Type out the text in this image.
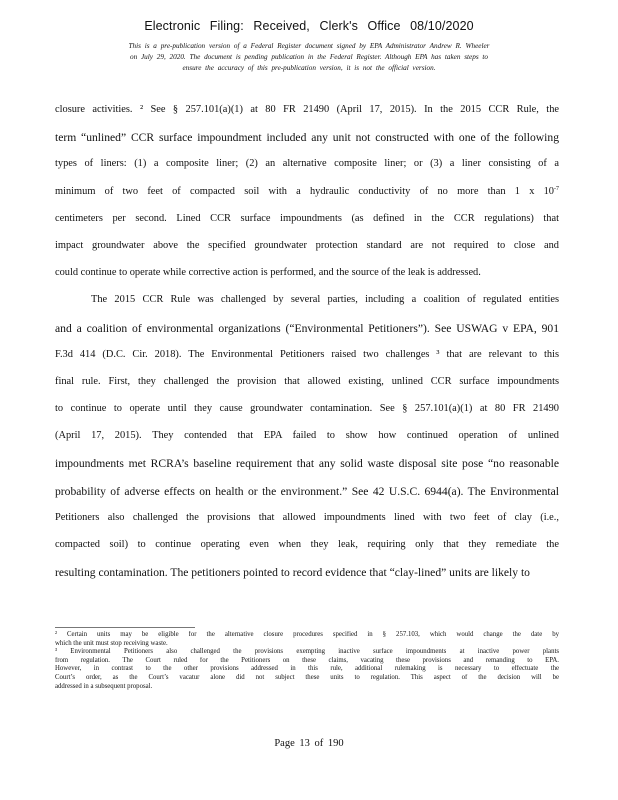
Electronic Filing: Received, Clerk's Office 08/10/2020
This is a pre-publication version of a Federal Register document signed by EPA Administrator Andrew R. Wheeler
on July 29, 2020. The document is pending publication in the Federal Register. Although EPA has taken steps to
ensure the accuracy of this pre-publication version, it is not the official version.
closure activities. ² See § 257.101(a)(1) at 80 FR 21490 (April 17, 2015). In the 2015 CCR Rule, the
term “unlined” CCR surface impoundment included any unit not constructed with one of the following
types of liners: (1) a composite liner; (2) an alternative composite liner; or (3) a liner consisting of a
minimum of two feet of compacted soil with a hydraulic conductivity of no more than 1 x $10^{-7}$
centimeters per second. Lined CCR surface impoundments (as defined in the CCR regulations) that
impact groundwater above the specified groundwater protection standard are not required to close and
could continue to operate while corrective action is performed, and the source of the leak is addressed.
The 2015 CCR Rule was challenged by several parties, including a coalition of regulated entities
and a coalition of environmental organizations (“Environmental Petitioners”). See USWAG v EPA, 901
F.3d 414 (D.C. Cir. 2018). The Environmental Petitioners raised two challenges ³ that are relevant to this
final rule. First, they challenged the provision that allowed existing, unlined CCR surface impoundments
to continue to operate until they cause groundwater contamination. See § 257.101(a)(1) at 80 FR 21490
(April 17, 2015). They contended that EPA failed to show how continued operation of unlined
impoundments met RCRA’s baseline requirement that any solid waste disposal site pose “no reasonable
probability of adverse effects on health or the environment.” See 42 U.S.C. 6944(a). The Environmental
Petitioners also challenged the provisions that allowed impoundments lined with two feet of clay (i.e.,
compacted soil) to continue operating even when they leak, requiring only that they remediate the
resulting contamination. The petitioners pointed to record evidence that “clay-lined” units are likely to
² Certain units may be eligible for the alternative closure procedures specified in § 257.103, which would change the date by
which the unit must stop receiving waste.
³ Environmental Petitioners also challenged the provisions exempting inactive surface impoundments at inactive power plants
from regulation. The Court ruled for the Petitioners on these claims, vacating these provisions and remanding to EPA.
However, in contrast to the other provisions addressed in this rule, additional rulemaking is necessary to effectuate the
Court’s order, as the Court’s vacatur alone did not subject these units to regulation. This aspect of the decision will be
addressed in a subsequent proposal.
Page 13 of 190
